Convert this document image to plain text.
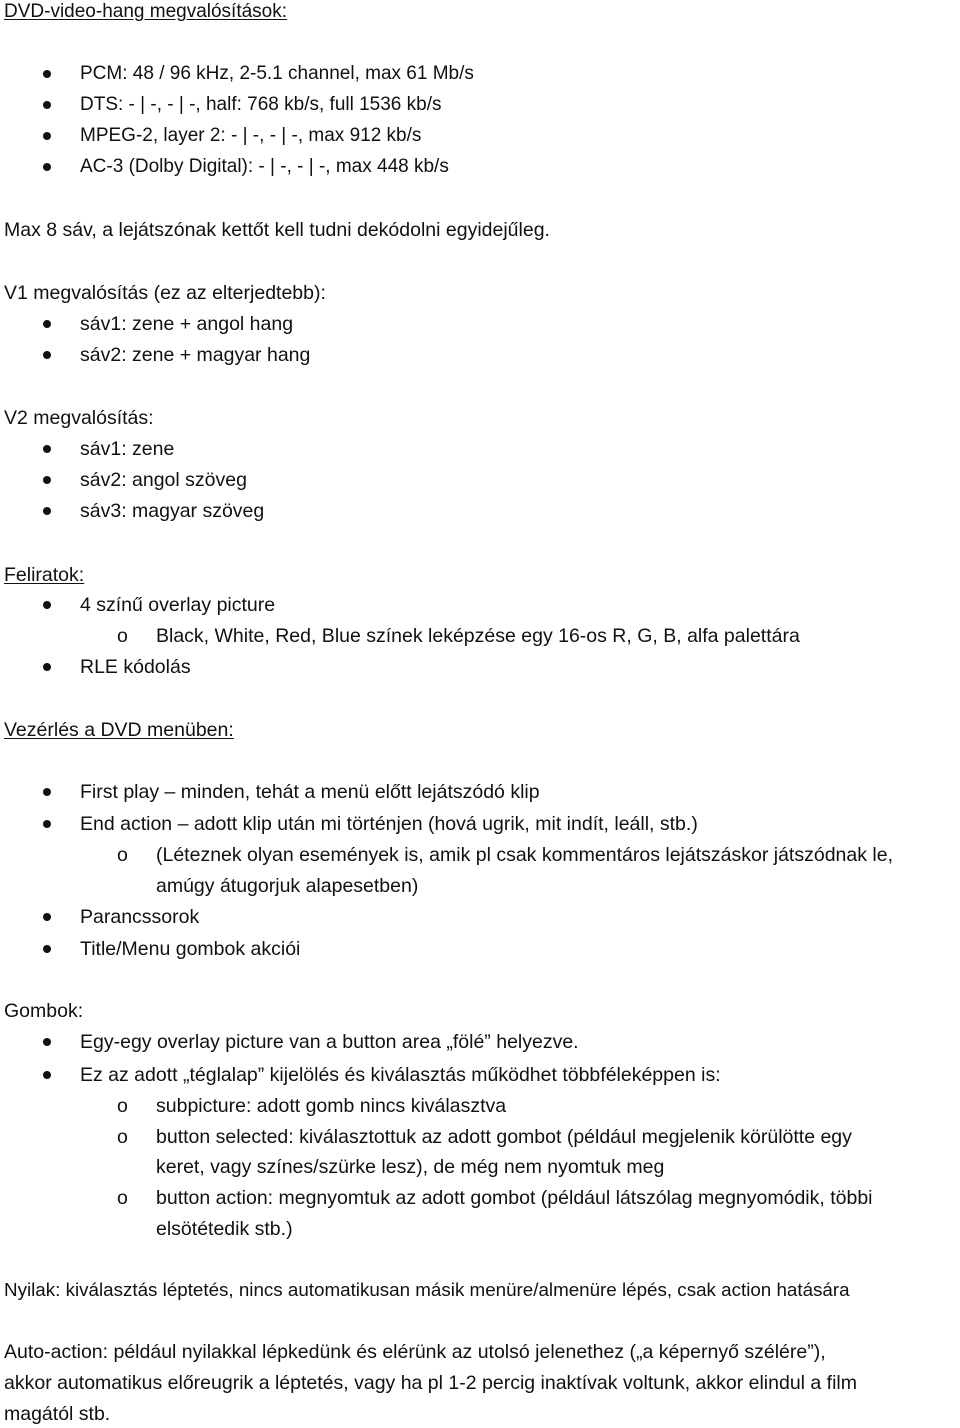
DVD-video-hang megvalósítások:
PCM: 48 / 96 kHz, 2-5.1 channel, max 61 Mb/s
DTS: - | -, - | -, half: 768 kb/s, full 1536 kb/s
MPEG-2, layer 2: - | -, - | -, max 912 kb/s
AC-3 (Dolby Digital): - | -, - | -, max 448 kb/s
Max 8 sáv, a lejátszónak kettőt kell tudni dekódolni egyidejűleg.
V1 megvalósítás (ez az elterjedtebb):
sáv1: zene + angol hang
sáv2: zene + magyar hang
V2 megvalósítás:
sáv1: zene
sáv2: angol szöveg
sáv3: magyar szöveg
Feliratok:
4 színű overlay picture
o Black, White, Red, Blue színek leképzése egy 16-os R, G, B, alfa palettára
RLE kódolás
Vezérlés a DVD menüben:
First play – minden, tehát a menü előtt lejátszódó klip
End action – adott klip után mi történjen (hová ugrik, mit indít, leáll, stb.)
o (Léteznek olyan események is, amik pl csak kommentáros lejátszáskor játszódnak le,
amúgy átugorjuk alapesetben)
Parancssorok
Title/Menu gombok akciói
Gombok:
Egy-egy overlay picture van a button area „fölé” helyezve.
Ez az adott „téglalap” kijelölés és kiválasztás működhet többféleképpen is:
o subpicture: adott gomb nincs kiválasztva
o button selected: kiválasztottuk az adott gombot (például megjelenik körülötte egy
keret, vagy színes/szürke lesz), de még nem nyomtuk meg
o button action: megnyomtuk az adott gombot (például látszólag megnyomódik, többi
elsötétedik stb.)
Nyilak: kiválasztás léptetés, nincs automatikusan másik menüre/almenüre lépés, csak action hatására
Auto-action: például nyilakkal lépkedünk és elérünk az utolsó jelenethez („a képernyő szélére”),
akkor automatikus előreugrik a léptetés, vagy ha pl 1-2 percig inaktívak voltunk, akkor elindul a film
magától stb.
